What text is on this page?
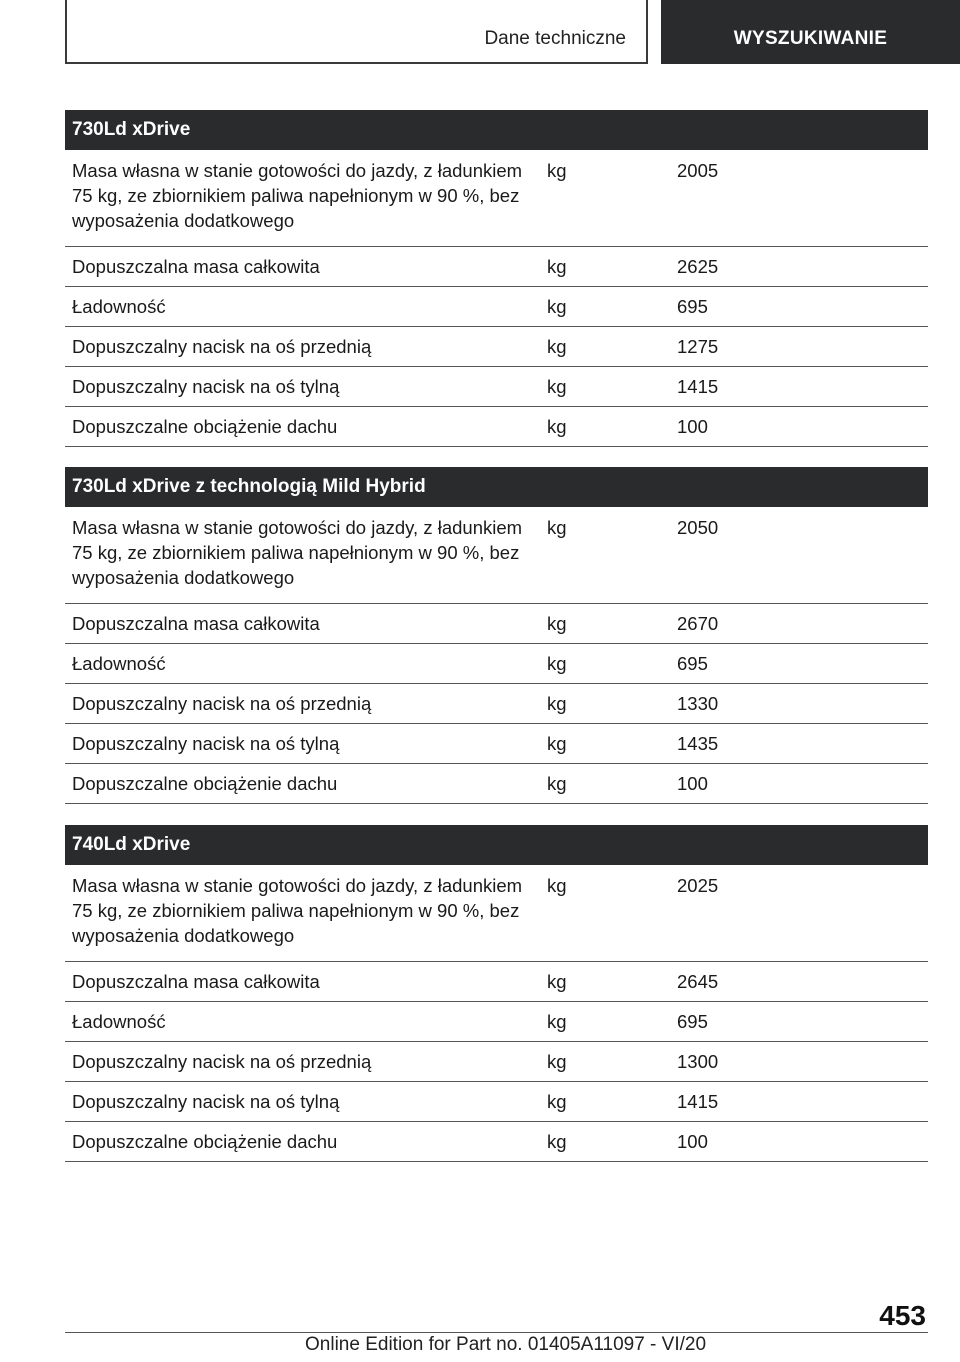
Dane techniczne	WYSZUKIWANIE
730Ld xDrive		
Masa własna w stanie gotowości do jazdy, z ładunkiem 75 kg, ze zbiornikiem paliwa napełnionym w 90 %, bez wyposażenia dodatkowego	kg	2005
Dopuszczalna masa całkowita	kg	2625
Ładowność	kg	695
Dopuszczalny nacisk na oś przednią	kg	1275
Dopuszczalny nacisk na oś tylną	kg	1415
Dopuszczalne obciążenie dachu	kg	100
730Ld xDrive z technologią Mild Hybrid		
Masa własna w stanie gotowości do jazdy, z ładunkiem 75 kg, ze zbiornikiem paliwa napełnionym w 90 %, bez wyposażenia dodatkowego	kg	2050
Dopuszczalna masa całkowita	kg	2670
Ładowność	kg	695
Dopuszczalny nacisk na oś przednią	kg	1330
Dopuszczalny nacisk na oś tylną	kg	1435
Dopuszczalne obciążenie dachu	kg	100
740Ld xDrive		
Masa własna w stanie gotowości do jazdy, z ładunkiem 75 kg, ze zbiornikiem paliwa napełnionym w 90 %, bez wyposażenia dodatkowego	kg	2025
Dopuszczalna masa całkowita	kg	2645
Ładowność	kg	695
Dopuszczalny nacisk na oś przednią	kg	1300
Dopuszczalny nacisk na oś tylną	kg	1415
Dopuszczalne obciążenie dachu	kg	100
453
Online Edition for Part no. 01405A11097 - VI/20
